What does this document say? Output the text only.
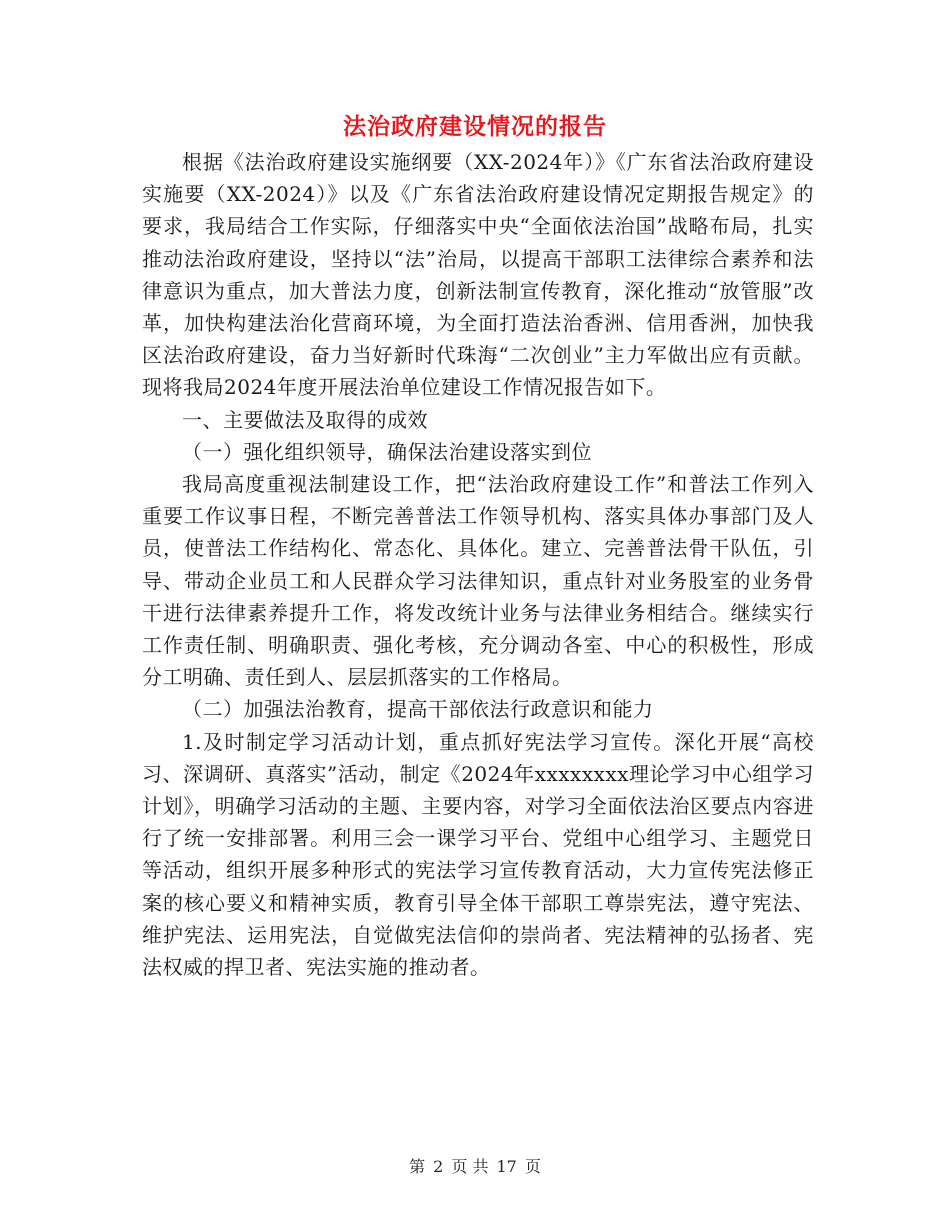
法治政府建设情况的报告

根据《法治政府建设实施纲要（XX-2024年）》《广东省法治政府建设实施要（XX-2024）》以及《广东省法治政府建设情况定期报告规定》的要求，我局结合工作实际，仔细落实中央“全面依法治国”战略布局，扎实推动法治政府建设，坚持以“法”治局，以提高干部职工法律综合素养和法律意识为重点，加大普法力度，创新法制宣传教育，深化推动“放管服”改革，加快构建法治化营商环境，为全面打造法治香洲、信用香洲，加快我区法治政府建设，奋力当好新时代珠海“二次创业”主力军做出应有贡献。现将我局2024年度开展法治单位建设工作情况报告如下。

一、主要做法及取得的成效

（一）强化组织领导，确保法治建设落实到位

我局高度重视法制建设工作，把“法治政府建设工作”和普法工作列入重要工作议事日程，不断完善普法工作领导机构、落实具体办事部门及人员，使普法工作结构化、常态化、具体化。建立、完善普法骨干队伍，引导、带动企业员工和人民群众学习法律知识，重点针对业务股室的业务骨干进行法律素养提升工作，将发改统计业务与法律业务相结合。继续实行工作责任制、明确职责、强化考核，充分调动各室、中心的积极性，形成分工明确、责任到人、层层抓落实的工作格局。

（二）加强法治教育，提高干部依法行政意识和能力

1.及时制定学习活动计划，重点抓好宪法学习宣传。深化开展“高校习、深调研、真落实”活动，制定《2024年xxxxxxxx理论学习中心组学习计划》，明确学习活动的主题、主要内容，对学习全面依法治区要点内容进行了统一安排部署。利用三会一课学习平台、党组中心组学习、主题党日等活动，组织开展多种形式的宪法学习宣传教育活动，大力宣传宪法修正案的核心要义和精神实质，教育引导全体干部职工尊崇宪法，遵守宪法、维护宪法、运用宪法，自觉做宪法信仰的崇尚者、宪法精神的弘扬者、宪法权威的捍卫者、宪法实施的推动者。

第 2 页 共 17 页
